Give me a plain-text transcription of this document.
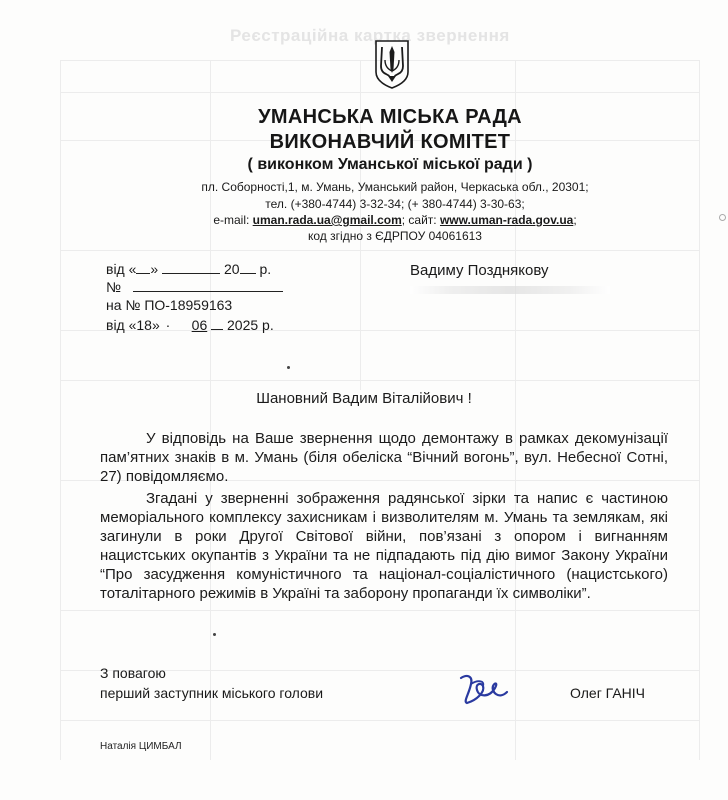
Реєстраційна картка звернення
УМАНСЬКА МІСЬКА РАДА
ВИКОНАВЧИЙ КОМІТЕТ
( виконком Уманської міської ради )
пл. Соборності,1, м. Умань, Уманський район, Черкаська обл., 20301;
тел. (+380-4744) 3-32-34; (+ 380-4744) 3-30-63;
e-mail: uman.rada.ua@gmail.com; сайт: www.uman-rada.gov.ua;
код згідно з ЄДРПОУ 04061613
від « »	20 р.
№
на № ПО-18959163
від «18» · 06 2025 р.
Вадиму Позднякову
Шановний Вадим Віталійович !
У відповідь на Ваше звернення щодо демонтажу в рамках декомунізації пам’ятних знаків в м. Умань (біля обеліска “Вічний вогонь”, вул. Небесної Сотні, 27) повідомляємо.
Згадані у зверненні зображення радянської зірки та напис є частиною меморіального комплексу захисникам і визволителям м. Умань та землякам, які загинули в роки Другої Світової війни, пов’язані з опором і вигнанням нацистських окупантів з України та не підпадають під дію вимог Закону України “Про засудження комуністичного та націонал-соціалістичного (нацистського) тоталітарного режимів в Україні та заборону пропаганди їх символіки”.
З повагою
перший заступник міського голови	Олег ГАНІЧ
Наталія ЦИМБАЛ
